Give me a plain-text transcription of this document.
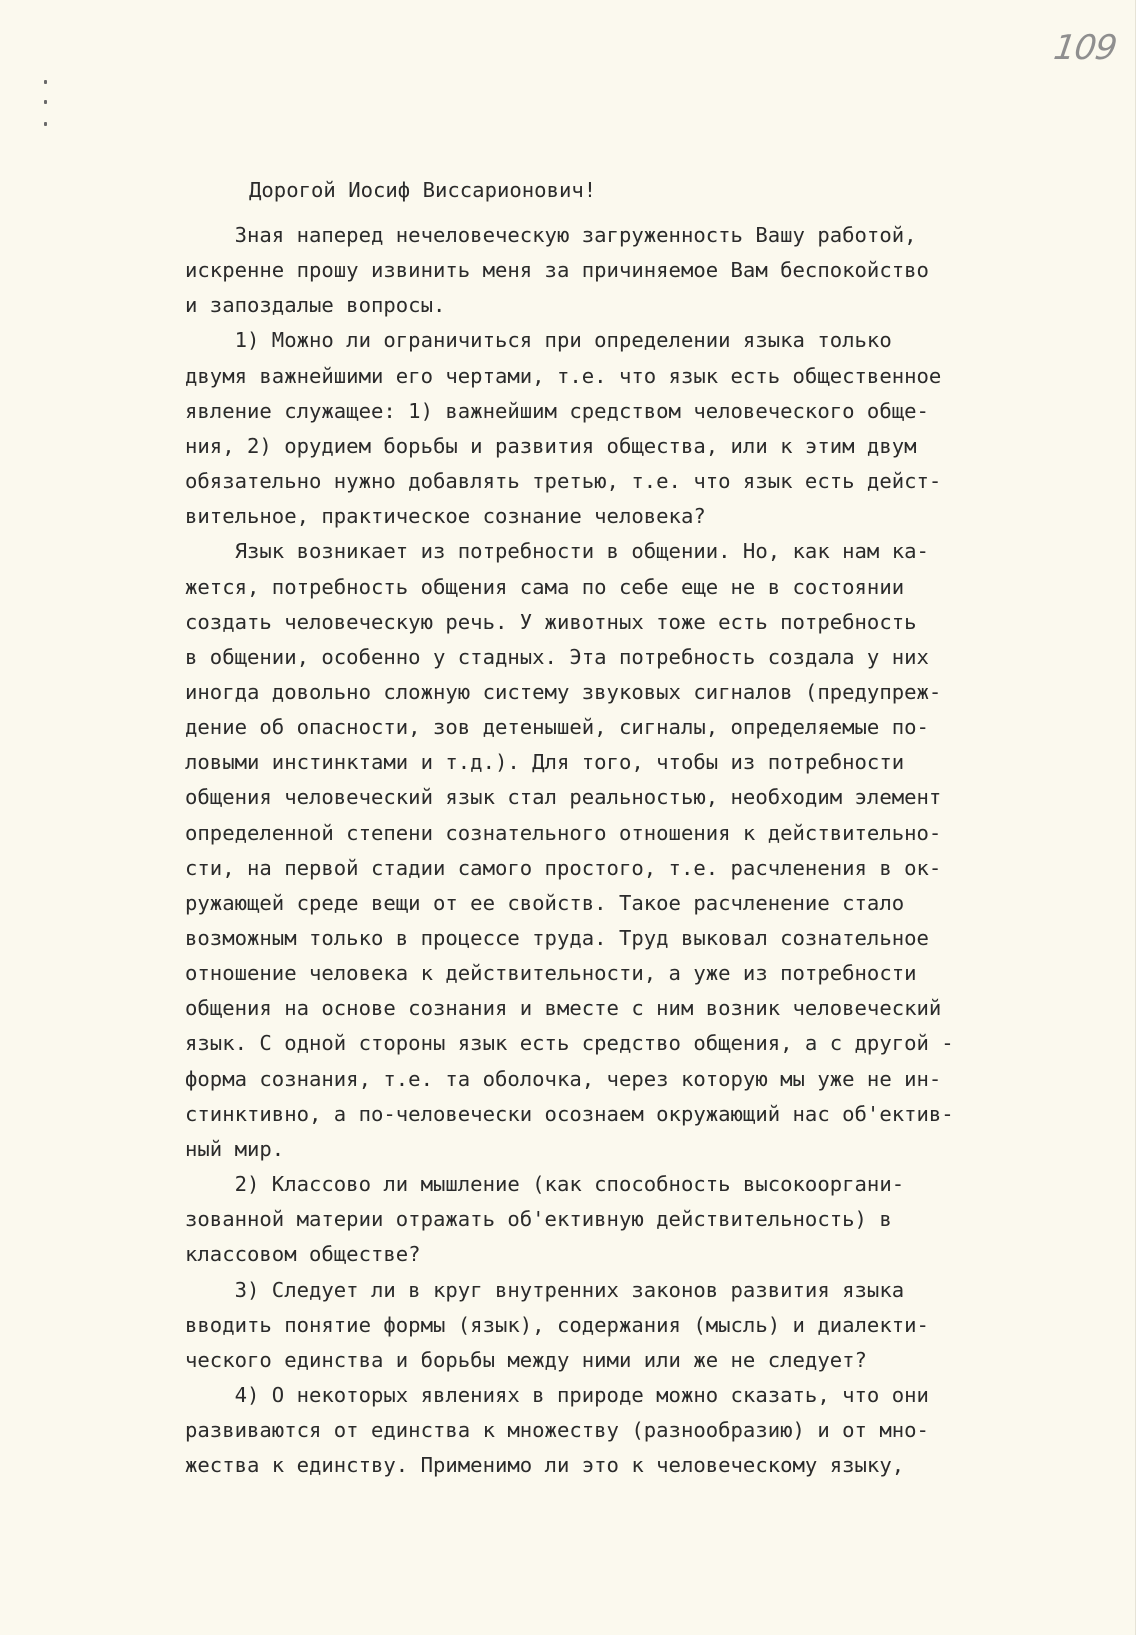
109
Дорогой Иосиф Виссарионович!
Зная наперед нечеловеческую загруженность Вашу работой,
искренне прошу извинить меня за причиняемое Вам беспокойство
и запоздалые вопросы.
1) Можно ли ограничиться при определении языка только
двумя важнейшими его чертами, т.е. что язык есть общественное
явление служащее: 1) важнейшим средством человеческого обще-
ния, 2) орудием борьбы и развития общества, или к этим двум
обязательно нужно добавлять третью, т.е. что язык есть дейст-
вительное, практическое сознание человека?
Язык возникает из потребности в общении. Но, как нам ка-
жется, потребность общения сама по себе еще не в состоянии
создать человеческую речь. У животных тоже есть потребность
в общении, особенно у стадных. Эта потребность создала у них
иногда довольно сложную систему звуковых сигналов (предупреж-
дение об опасности, зов детенышей, сигналы, определяемые по-
ловыми инстинктами и т.д.). Для того, чтобы из потребности
общения человеческий язык стал реальностью, необходим элемент
определенной степени сознательного отношения к действительно-
сти, на первой стадии самого простого, т.е. расчленения в ок-
ружающей среде вещи от ее свойств. Такое расчленение стало
возможным только в процессе труда. Труд выковал сознательное
отношение человека к действительности, а уже из потребности
общения на основе сознания и вместе с ним возник человеческий
язык. С одной стороны язык есть средство общения, а с другой -
форма сознания, т.е. та оболочка, через которую мы уже не ин-
стинктивно, а по-человечески осознаем окружающий нас об'ектив-
ный мир.
2) Классово ли мышление (как способность высокооргани-
зованной материи отражать об'ективную действительность) в
классовом обществе?
3) Следует ли в круг внутренних законов развития языка
вводить понятие формы (язык), содержания (мысль) и диалекти-
ческого единства и борьбы между ними или же не следует?
4) О некоторых явлениях в природе можно сказать, что они
развиваются от единства к множеству (разнообразию) и от мно-
жества к единству. Применимо ли это к человеческому языку,
